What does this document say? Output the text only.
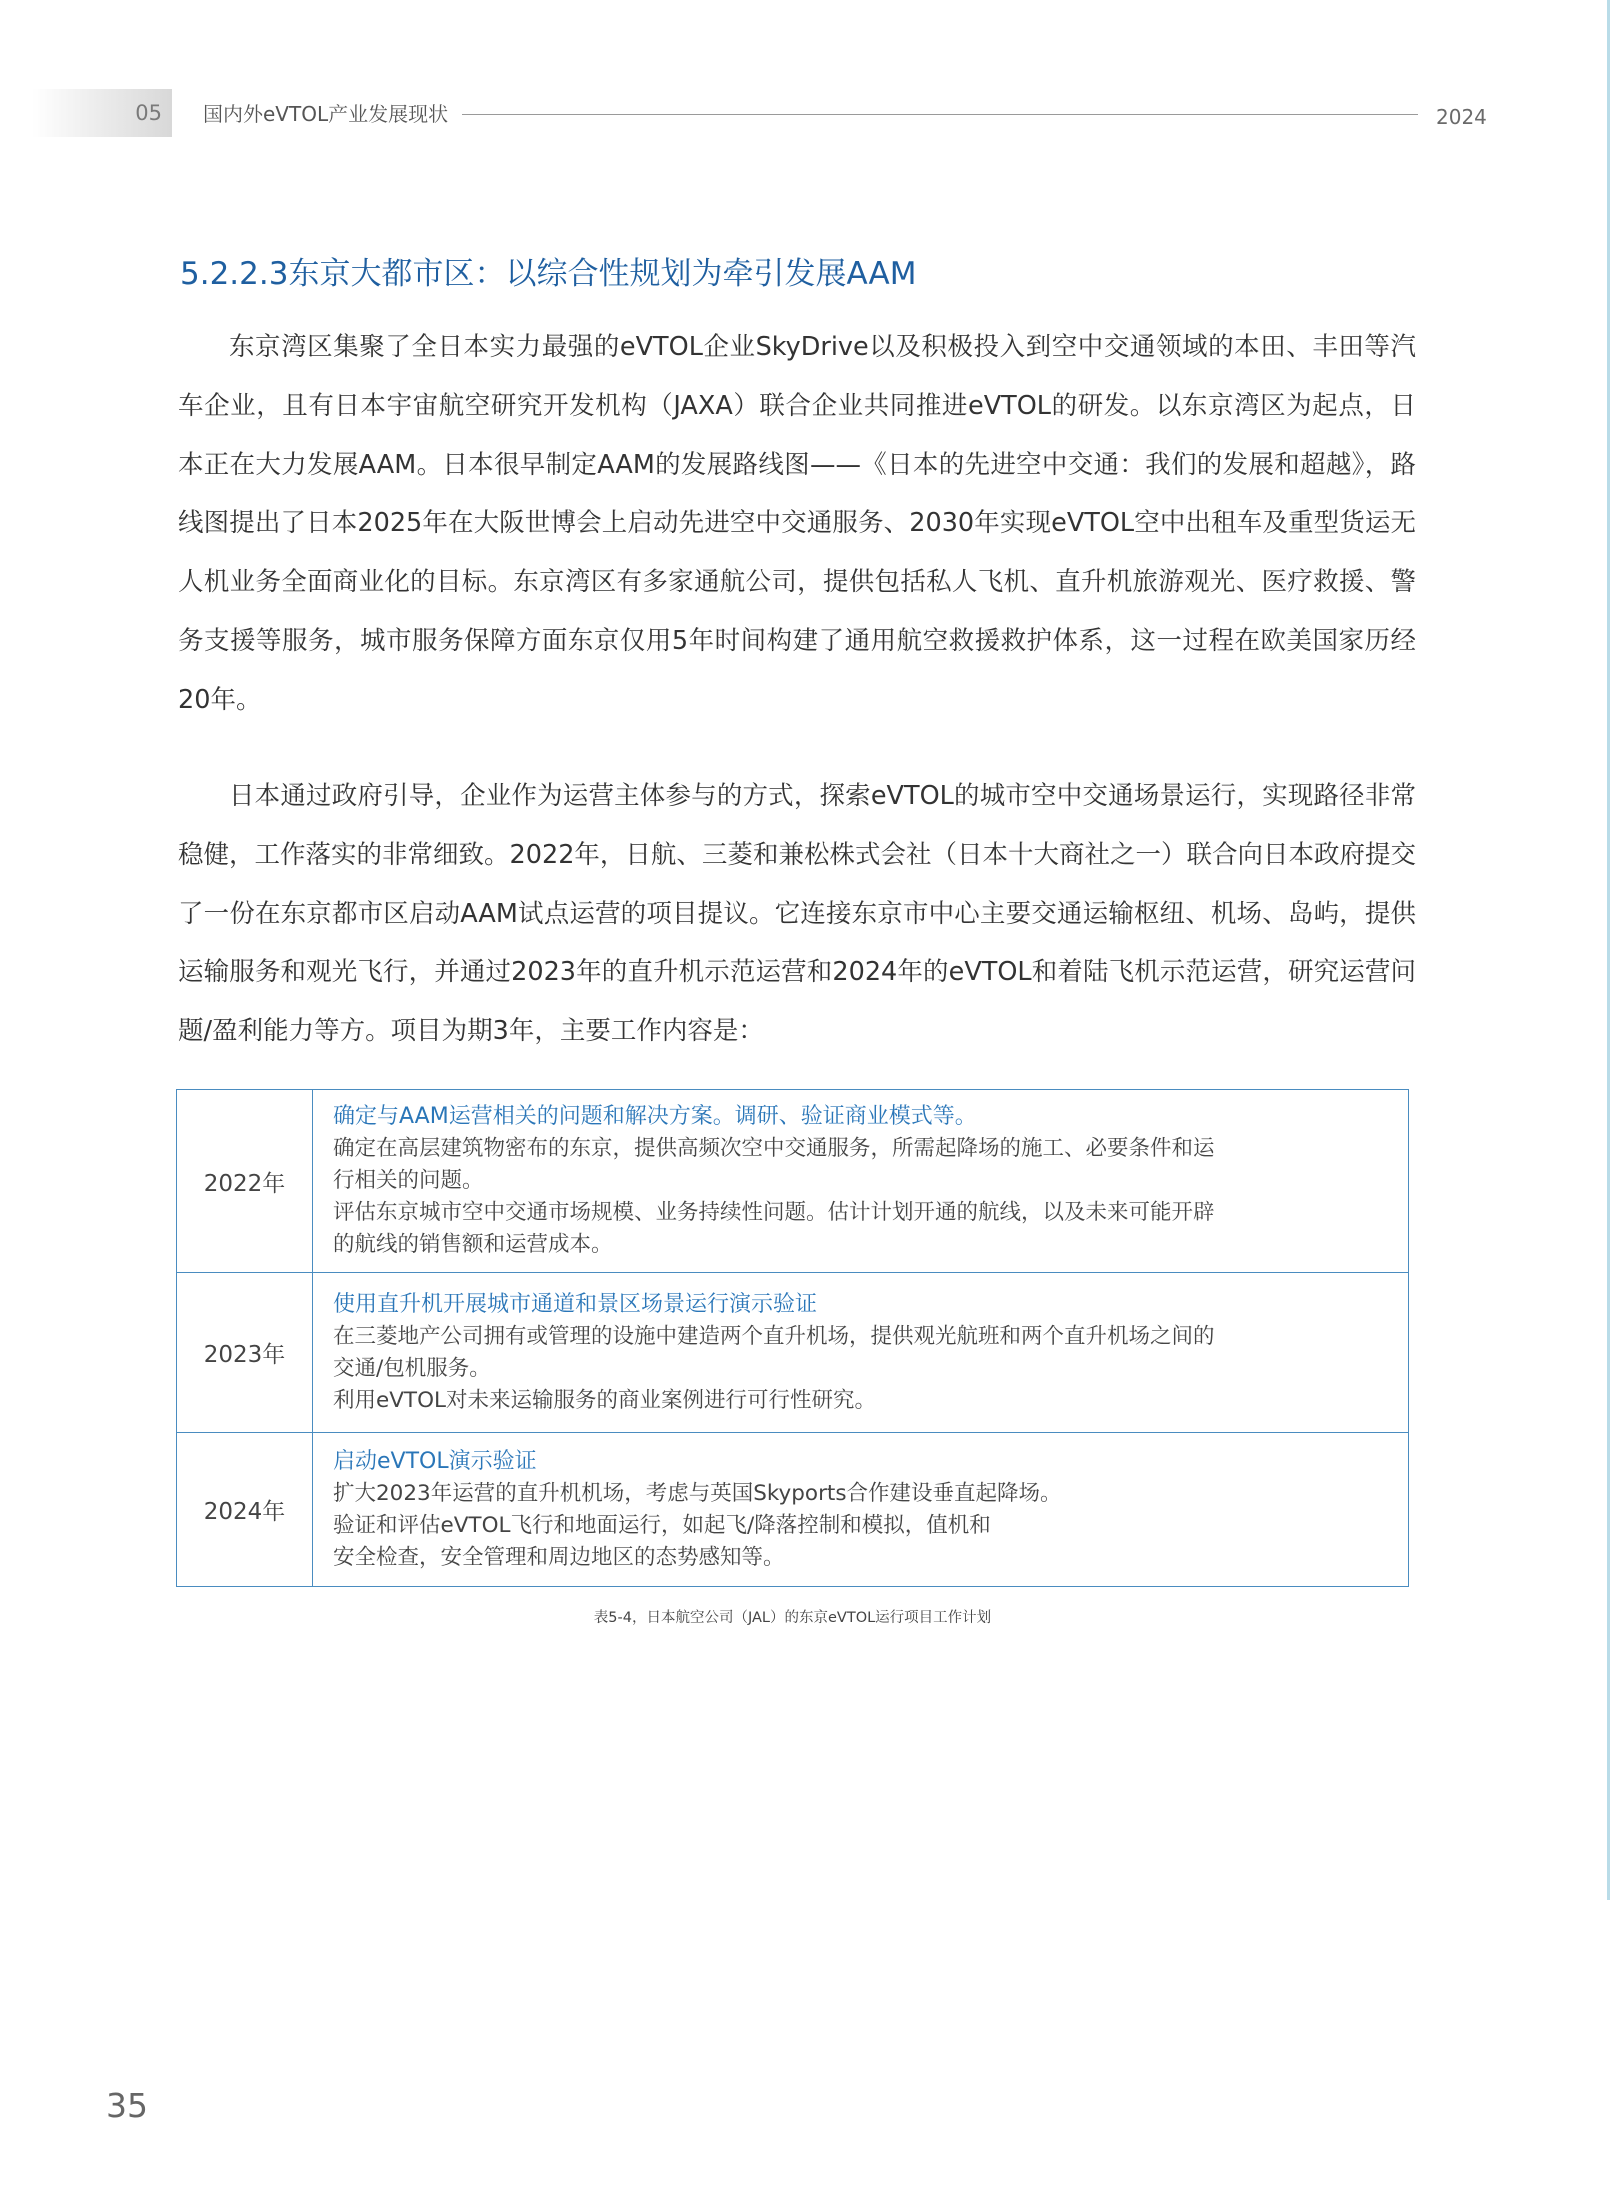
05 国内外eVTOL产业发展现状	2024
5.2.2.3东京大都市区：以综合性规划为牵引发展AAM

东京湾区集聚了全日本实力最强的eVTOL企业SkyDrive以及积极投入到空中交通领域的本田、丰田等汽车企业，且有日本宇宙航空研究开发机构（JAXA）联合企业共同推进eVTOL的研发。以东京湾区为起点，日本正在大力发展AAM。日本很早制定AAM的发展路线图——《日本的先进空中交通：我们的发展和超越》，路线图提出了日本2025年在大阪世博会上启动先进空中交通服务、2030年实现eVTOL空中出租车及重型货运无人机业务全面商业化的目标。东京湾区有多家通航公司，提供包括私人飞机、直升机旅游观光、医疗救援、警务支援等服务，城市服务保障方面东京仅用5年时间构建了通用航空救援救护体系，这一过程在欧美国家历经20年。

日本通过政府引导，企业作为运营主体参与的方式，探索eVTOL的城市空中交通场景运行，实现路径非常稳健，工作落实的非常细致。2022年，日航、三菱和兼松株式会社（日本十大商社之一）联合向日本政府提交了一份在东京都市区启动AAM试点运营的项目提议。它连接东京市中心主要交通运输枢纽、机场、岛屿，提供运输服务和观光飞行，并通过2023年的直升机示范运营和2024年的eVTOL和着陆飞机示范运营，研究运营问题/盈利能力等方。项目为期3年，主要工作内容是：

2022年	确定与AAM运营相关的问题和解决方案。调研、验证商业模式等。
确定在高层建筑物密布的东京，提供高频次空中交通服务，所需起降场的施工、必要条件和运
行相关的问题。
评估东京城市空中交通市场规模、业务持续性问题。估计计划开通的航线，以及未来可能开辟
的航线的销售额和运营成本。

2023年	使用直升机开展城市通道和景区场景运行演示验证
在三菱地产公司拥有或管理的设施中建造两个直升机场，提供观光航班和两个直升机场之间的
交通/包机服务。
利用eVTOL对未来运输服务的商业案例进行可行性研究。

2024年	启动eVTOL演示验证
扩大2023年运营的直升机机场，考虑与英国Skyports合作建设垂直起降场。
验证和评估eVTOL飞行和地面运行，如起飞/降落控制和模拟，值机和
安全检查，安全管理和周边地区的态势感知等。
表5-4，日本航空公司（JAL）的东京eVTOL运行项目工作计划
35
